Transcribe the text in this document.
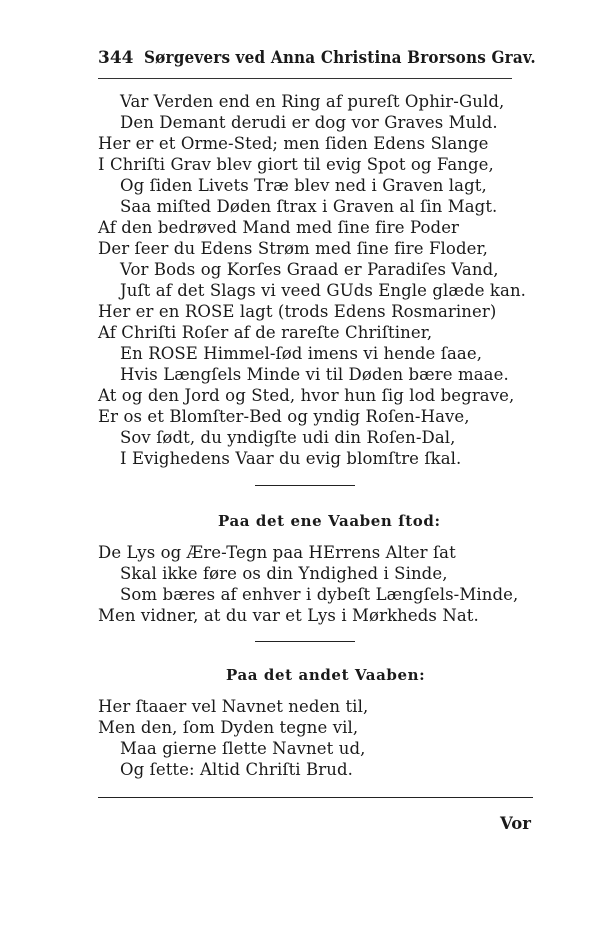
344 Sørgevers ved Anna Christina Brorsons Grav.
Var Verden end en Ring af pureſt Ophir-Guld,
Den Demant derudi er dog vor Graves Muld.
Her er et Orme-Sted; men ſiden Edens Slange
I Chriſti Grav blev giort til evig Spot og Fange,
Og ſiden Livets Træ blev ned i Graven lagt,
Saa miſted Døden ſtrax i Graven al ſin Magt.
Af den bedrøved Mand med ſine fire Poder
Der ſeer du Edens Strøm med ſine fire Floder,
Vor Bods og Korſes Graad er Paradiſes Vand,
Juſt af det Slags vi veed GUds Engle glæde kan.
Her er en ROSE lagt (trods Edens Rosmariner)
Af Chriſti Roſer af de rareſte Chriſtiner,
En ROSE Himmel-ſød imens vi hende ſaae,
Hvis Længſels Minde vi til Døden bære maae.
At og den Jord og Sted, hvor hun ſig lod begrave,
Er os et Blomſter-Bed og yndig Roſen-Have,
Sov ſødt, du yndigſte udi din Roſen-Dal,
I Evighedens Vaar du evig blomſtre ſkal.
Paa det ene Vaaben ſtod:
De Lys og Ære-Tegn paa HErrens Alter ſat
Skal ikke føre os din Yndighed i Sinde,
Som bæres af enhver i dybeſt Længſels-Minde,
Men vidner, at du var et Lys i Mørkheds Nat.
Paa det andet Vaaben:
Her ſtaaer vel Navnet neden til,
Men den, ſom Dyden tegne vil,
Maa gierne ſlette Navnet ud,
Og ſette: Altid Chriſti Brud.
Vor
